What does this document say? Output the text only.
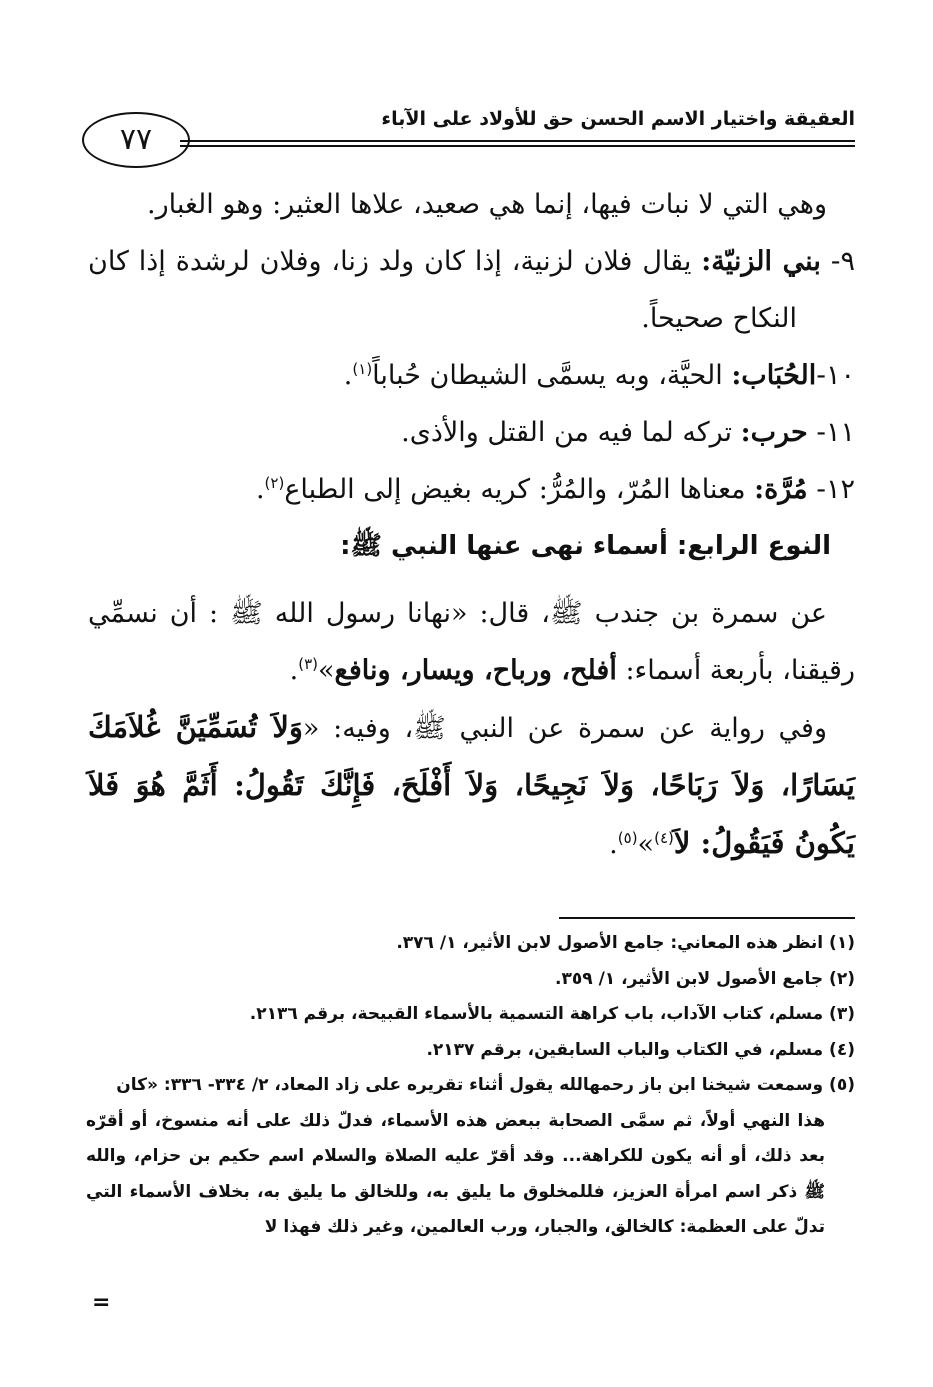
العقيقة واختيار الاسم الحسن حق للأولاد على الآباء
٧٧

وهي التي لا نبات فيها، إنما هي صعيد، علاها العثير: وهو الغبار.

٩- بني الزنيّة: يقال فلان لزنية، إذا كان ولد زنا، وفلان لرشدة إذا كان النكاح صحيحاً.

١٠-الحُبَاب: الحيَّة، وبه يسمَّى الشيطان حُباباً$^{(١)}$.

١١- حرب: تركه لما فيه من القتل والأذى.

١٢- مُرَّة: معناها المُرّ، والمُرُّ: كريه بغيض إلى الطباع$^{(٢)}$.

النوع الرابع: أسماء نهى عنها النبي ﷺ:

عن سمرة بن جندب ﷺ، قال: «نهانا رسول الله ﷺ : أن نسمِّي رقيقنا، بأربعة أسماء: أفلح، ورباح، ويسار، ونافع»$^{(٣)}$.

وفي رواية عن سمرة عن النبي ﷺ، وفيه: «وَلاَ تُسَمِّيَنَّ غُلاَمَكَ يَسَارًا، وَلاَ رَبَاحًا، وَلاَ نَجِيحًا، وَلاَ أَفْلَحَ، فَإِنَّكَ تَقُولُ: أَثَمَّ هُوَ فَلاَ يَكُونُ فَيَقُولُ: لاَ$^{(٤)}$»$^{(٥)}$.

(١) انظر هذه المعاني: جامع الأصول لابن الأثير، ١/ ٣٧٦.

(٢) جامع الأصول لابن الأثير، ١/ ٣٥٩.

(٣) مسلم، كتاب الآداب، باب كراهة التسمية بالأسماء القبيحة، برقم ٢١٣٦.

(٤) مسلم، في الكتاب والباب السابقين، برقم ٢١٣٧.

(٥) وسمعت شيخنا ابن باز رحمهالله يقول أثناء تقريره على زاد المعاد، ٢/ ٣٣٤- ٣٣٦: «كان

هذا النهي أولاً، ثم سمَّى الصحابة ببعض هذه الأسماء، فدلّ ذلك على أنه منسوخ، أو أقرّه بعد ذلك، أو أنه يكون للكراهة... وقد أقرّ عليه الصلاة والسلام اسم حكيم بن حزام، والله ﷺ ذكر اسم امرأة العزيز، فللمخلوق ما يليق به، وللخالق ما يليق به، بخلاف الأسماء التي تدلّ على العظمة: كالخالق، والجبار، ورب العالمين، وغير ذلك فهذا لا

=
